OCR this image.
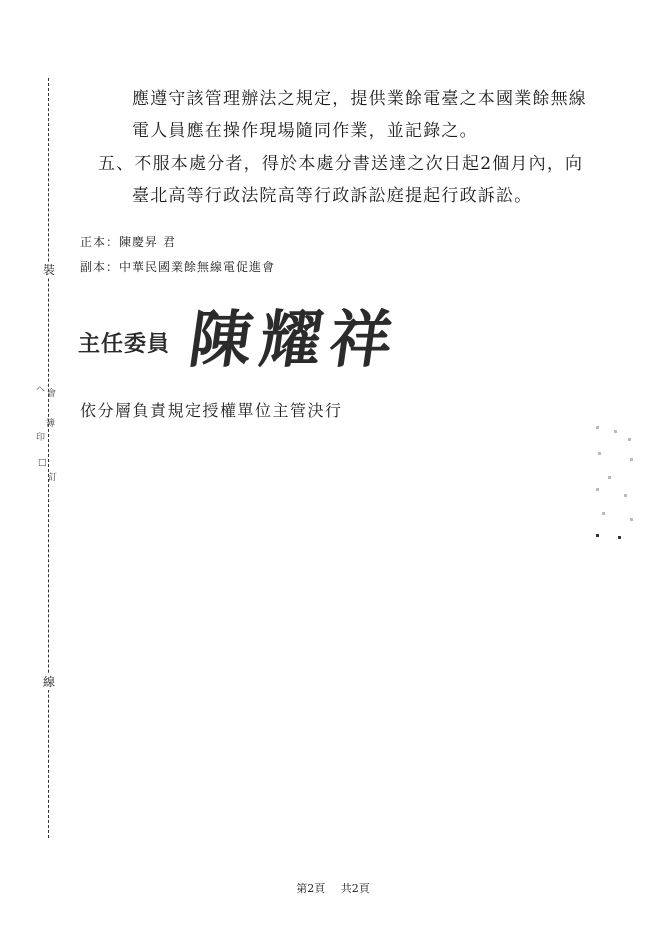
裝
線
ヘ
印
會
簿
□
訂
應遵守該管理辦法之規定，提供業餘電臺之本國業餘無線
電人員應在操作現場隨同作業，並記錄之。
五、不服本處分者，得於本處分書送達之次日起2個月內，向
臺北高等行政法院高等行政訴訟庭提起行政訴訟。
正本：陳慶昇 君
副本：中華民國業餘無線電促進會
主任委員 陳耀祥
依分層負責規定授權單位主管決行
第2頁 共2頁
